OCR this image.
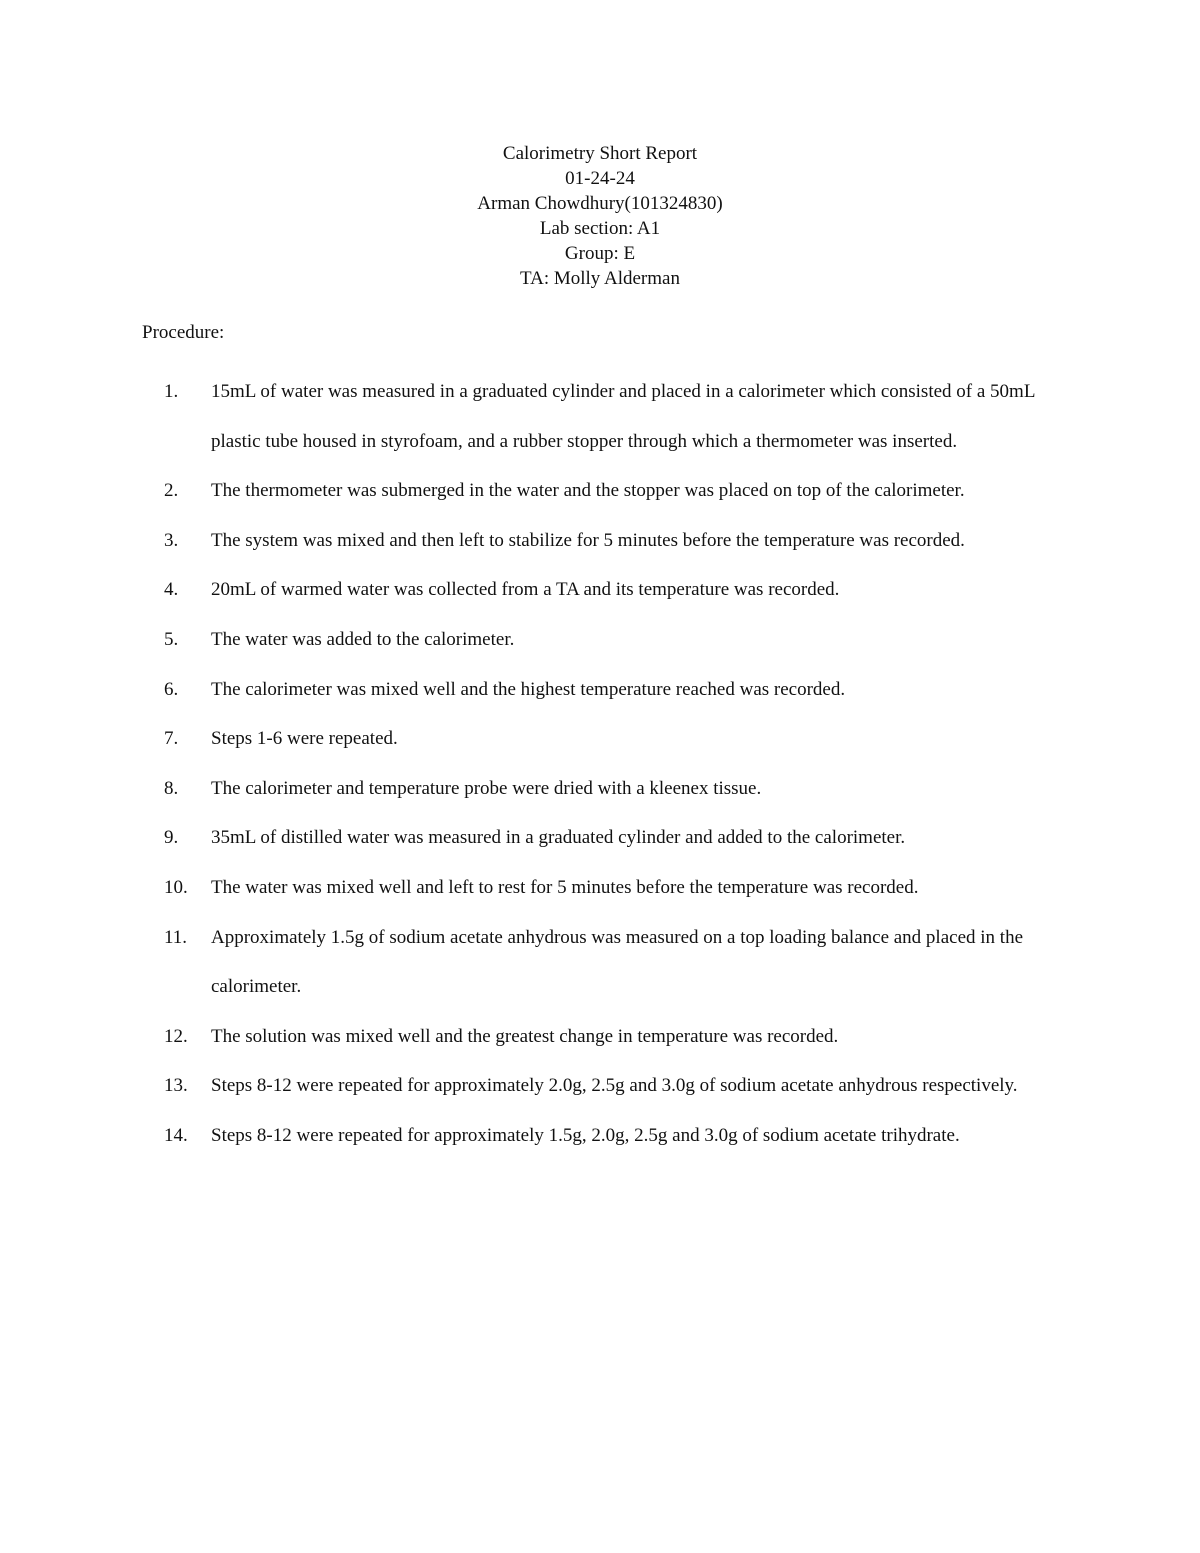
Calorimetry Short Report
01-24-24
Arman Chowdhury(101324830)
Lab section: A1
Group: E
TA: Molly Alderman
Procedure:
1.	15mL of water was measured in a graduated cylinder and placed in a calorimeter which consisted of a 50mL plastic tube housed in styrofoam, and a rubber stopper through which a thermometer was inserted.
2.	The thermometer was submerged in the water and the stopper was placed on top of the calorimeter.
3.	The system was mixed and then left to stabilize for 5 minutes before the temperature was recorded.
4.	20mL of warmed water was collected from a TA and its temperature was recorded.
5.	The water was added to the calorimeter.
6.	The calorimeter was mixed well and the highest temperature reached was recorded.
7.	Steps 1-6 were repeated.
8.	The calorimeter and temperature probe were dried with a kleenex tissue.
9.	35mL of distilled water was measured in a graduated cylinder and added to the calorimeter.
10.	The water was mixed well and left to rest for 5 minutes before the temperature was recorded.
11.	Approximately 1.5g of sodium acetate anhydrous was measured on a top loading balance and placed in the calorimeter.
12.	The solution was mixed well and the greatest change in temperature was recorded.
13.	Steps 8-12 were repeated for approximately 2.0g, 2.5g and 3.0g of sodium acetate anhydrous respectively.
14.	Steps 8-12 were repeated for approximately 1.5g, 2.0g, 2.5g and 3.0g of sodium acetate trihydrate.
